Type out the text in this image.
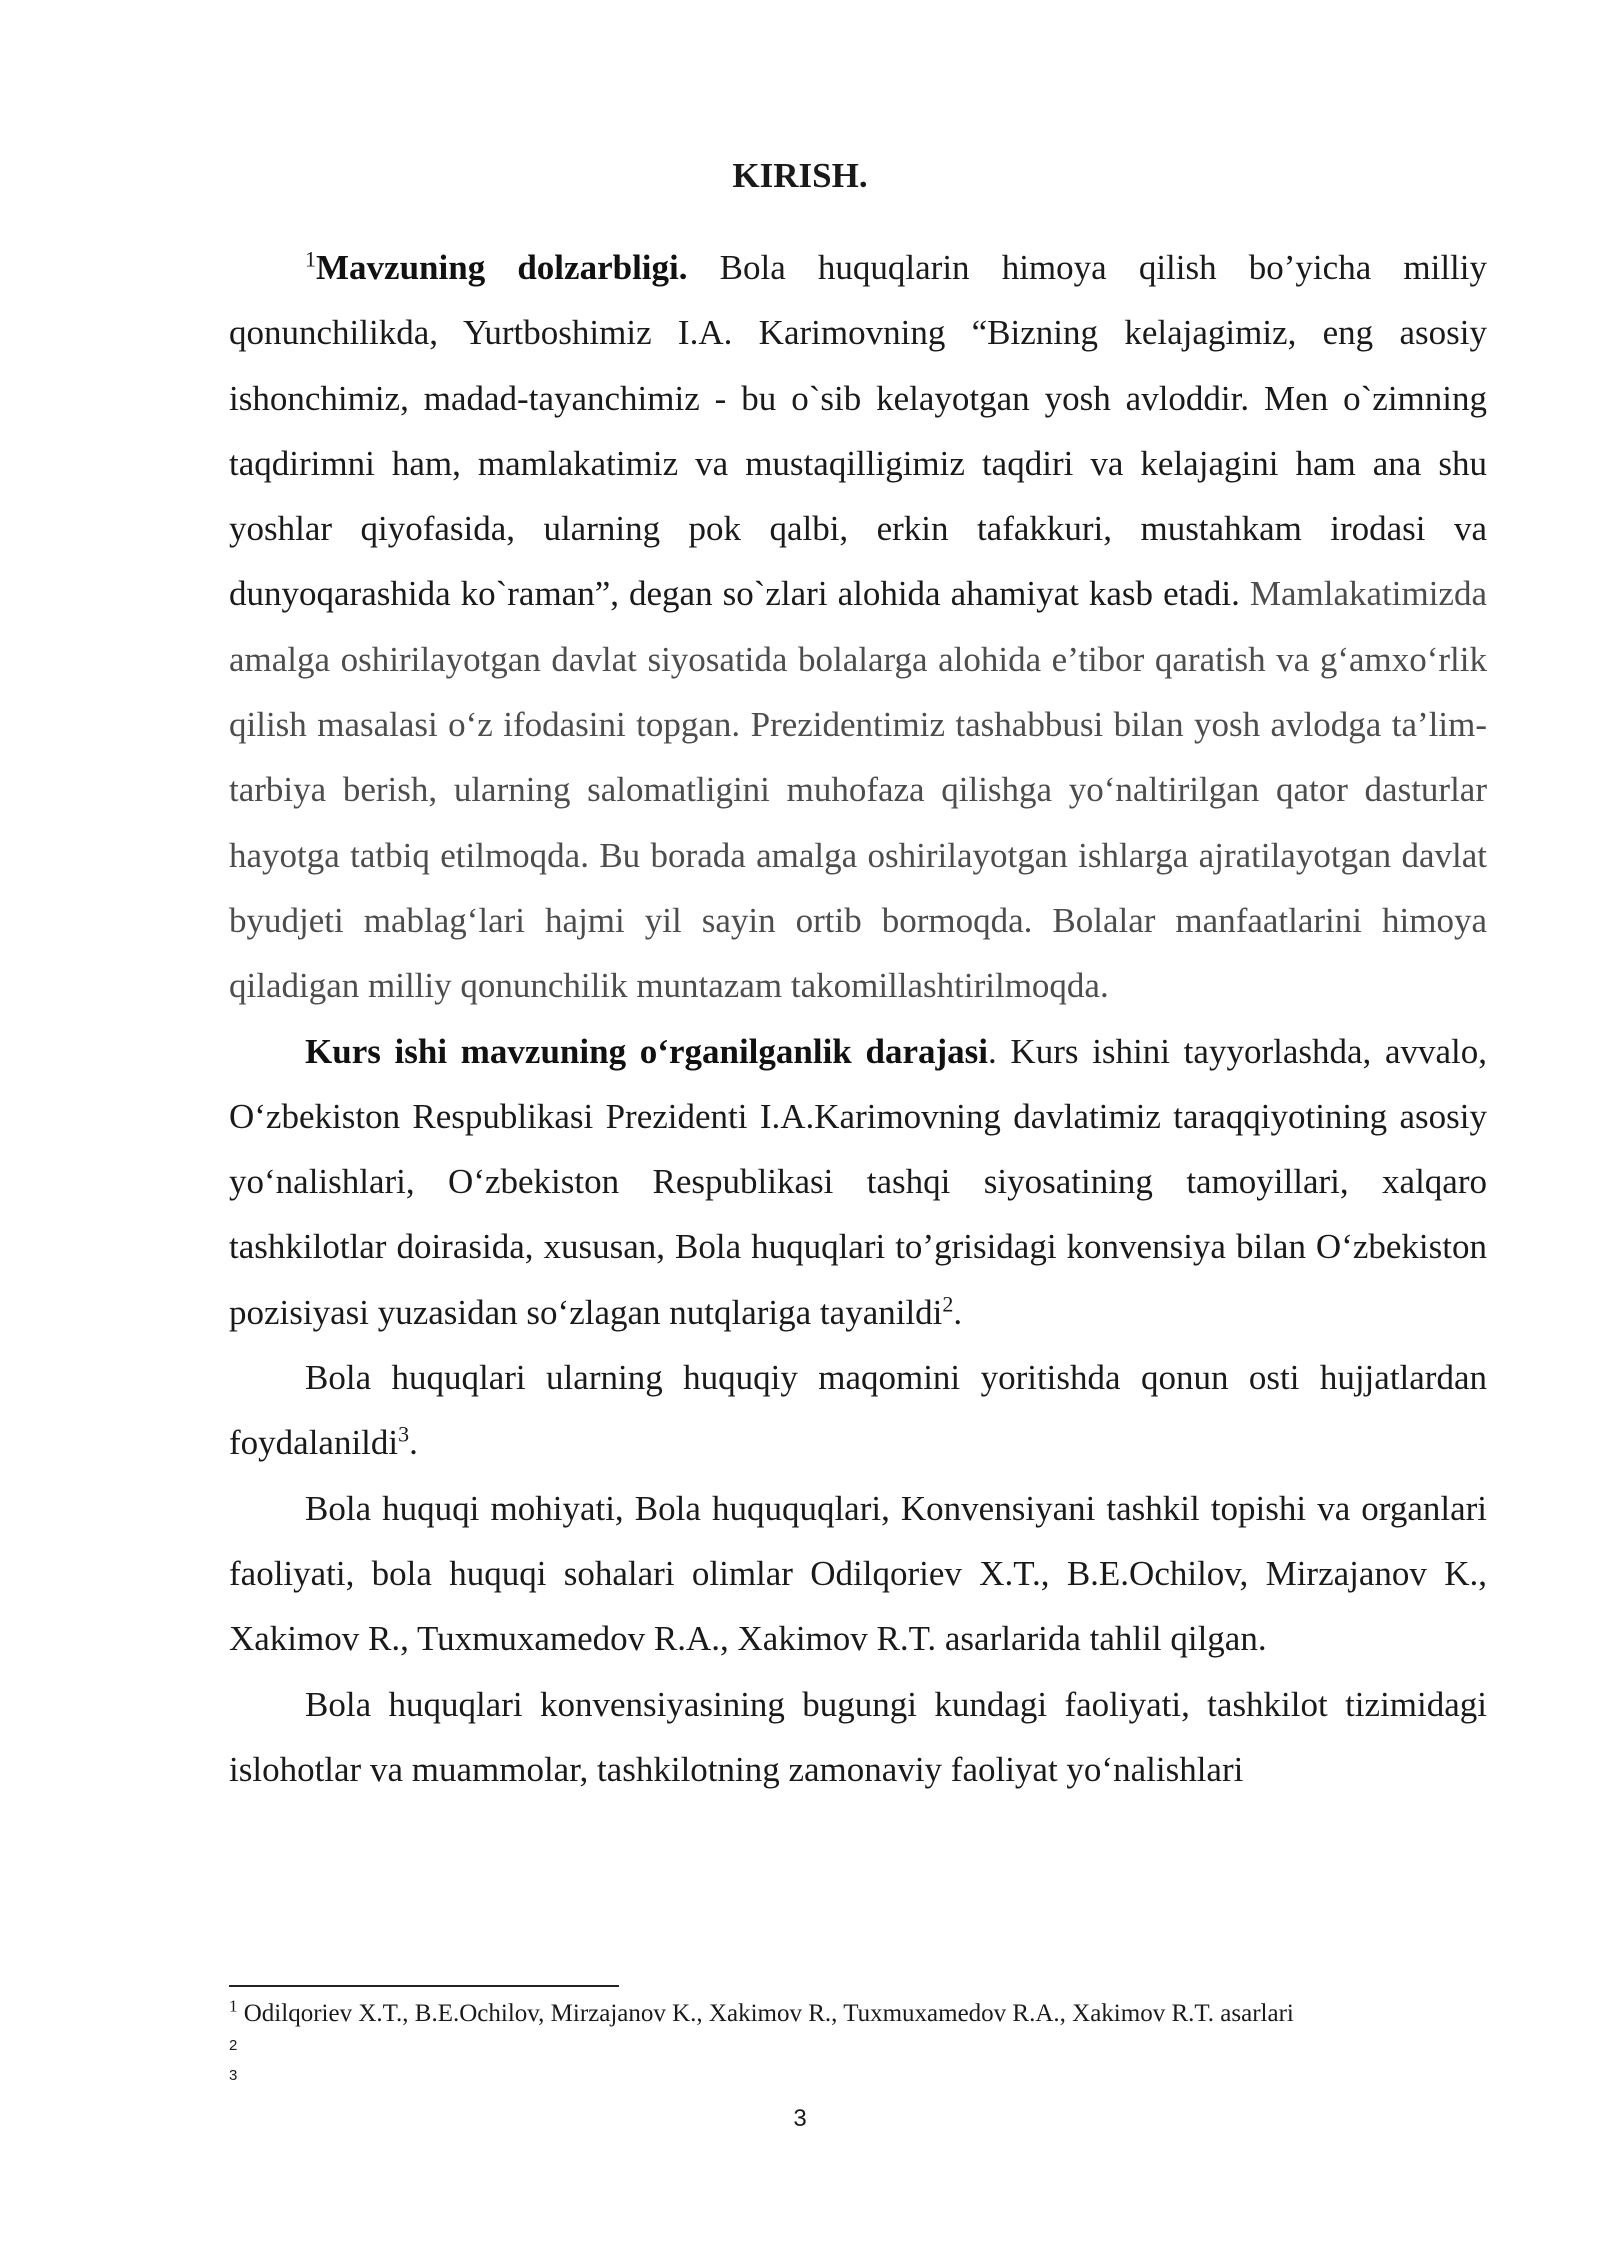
KIRISH.

$^1$Mavzuning dolzarbligi. Bola huquqlarin himoya qilish bo’yicha milliy qonunchilikda, Yurtboshimiz I.A. Karimovning “Bizning kelajagimiz, eng asosiy ishonchimiz, madad-tayanchimiz - bu o`sib kelayotgan yosh avloddir. Men o`zimning taqdirimni ham, mamlakatimiz va mustaqilligimiz taqdiri va kelajagini ham ana shu yoshlar qiyofasida, ularning pok qalbi, erkin tafakkuri, mustahkam irodasi va dunyoqarashida ko`raman”, degan so`zlari alohida ahamiyat kasb etadi. Mamlakatimizda amalga oshirilayotgan davlat siyosatida bolalarga alohida e’tibor qaratish va g‘amxo‘rlik qilish masalasi o‘z ifodasini topgan. Prezidentimiz tashabbusi bilan yosh avlodga ta’lim-tarbiya berish, ularning salomatligini muhofaza qilishga yo‘naltirilgan qator dasturlar hayotga tatbiq etilmoqda. Bu borada amalga oshirilayotgan ishlarga ajratilayotgan davlat byudjeti mablag‘lari hajmi yil sayin ortib bormoqda. Bolalar manfaatlarini himoya qiladigan milliy qonunchilik muntazam takomillashtirilmoqda.

Kurs ishi mavzuning o‘rganilganlik darajasi. Kurs ishini tayyorlashda, avvalo, O‘zbekiston Respublikasi Prezidenti I.A.Karimovning davlatimiz taraqqiyotining asosiy yo‘nalishlari, O‘zbekiston Respublikasi tashqi siyosatining tamoyillari, xalqaro tashkilotlar doirasida, xususan, Bola huquqlari to’grisidagi konvensiya bilan O‘zbekiston pozisiyasi yuzasidan so‘zlagan nutqlariga tayanildi$^2$.

Bola huquqlari ularning huquqiy maqomini yoritishda qonun osti hujjatlardan foydalanildi$^3$.

Bola huquqi mohiyati, Bola huququqlari, Konvensiyani tashkil topishi va organlari faoliyati, bola huquqi sohalari olimlar Odilqoriev X.T., B.E.Ochilov, Mirzajanov K., Xakimov R., Tuxmuxamedov R.A., Xakimov R.T. asarlarida tahlil qilgan.

Bola huquqlari konvensiyasining bugungi kundagi faoliyati, tashkilot tizimidagi islohotlar va muammolar, tashkilotning zamonaviy faoliyat yo‘nalishlari

$^1$ Odilqoriev X.T., B.E.Ochilov, Mirzajanov K., Xakimov R., Tuxmuxamedov R.A., Xakimov R.T. asarlari
2
3
3
